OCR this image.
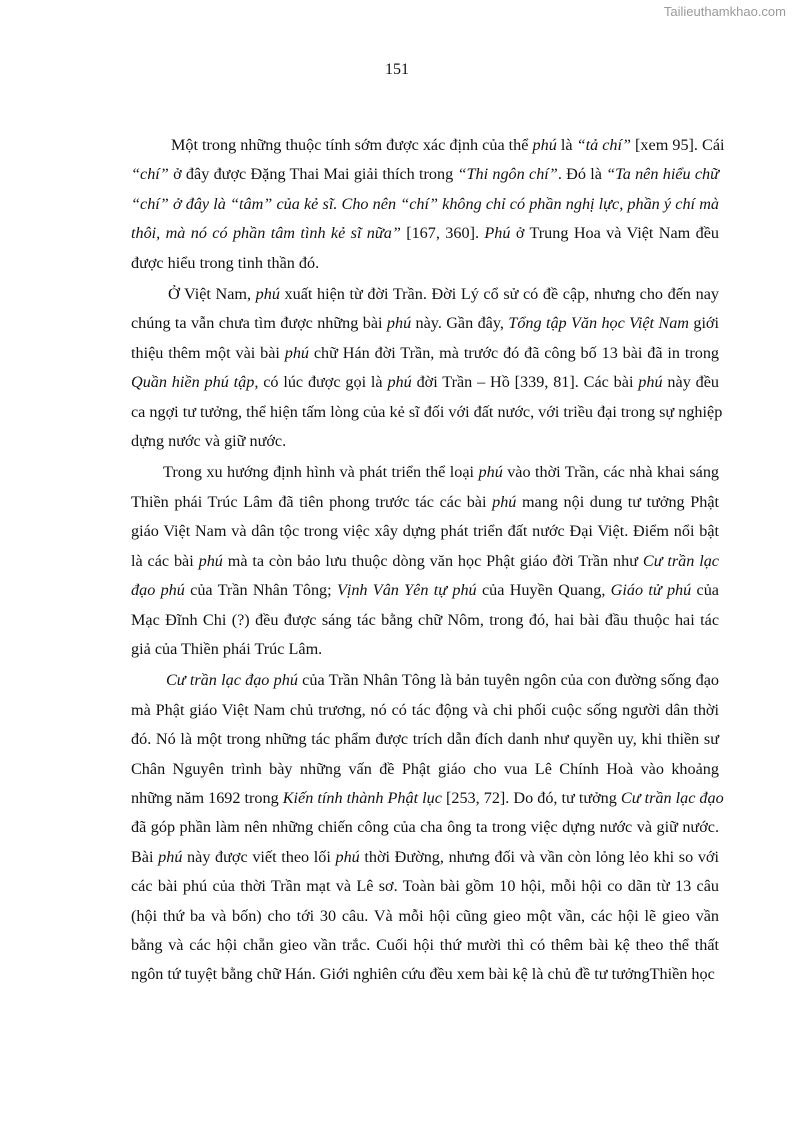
Tailieuthamkhao.com
151

Một trong những thuộc tính sớm được xác định của thể phú là “tả chí” [xem 95]. Cái
“chí” ở đây được Đặng Thai Mai giải thích trong “Thi ngôn chí”. Đó là “Ta nên hiểu chữ
“chí” ở đây là “tâm” của kẻ sĩ. Cho nên “chí” không chỉ có phần nghị lực, phần ý chí mà
thôi, mà nó có phần tâm tình kẻ sĩ nữa” [167, 360]. Phú ở Trung Hoa và Việt Nam đều
được hiểu trong tinh thần đó.

Ở Việt Nam, phú xuất hiện từ đời Trần. Đời Lý cổ sử có đề cập, nhưng cho đến nay
chúng ta vẫn chưa tìm được những bài phú này. Gần đây, Tổng tập Văn học Việt Nam giới
thiệu thêm một vài bài phú chữ Hán đời Trần, mà trước đó đã công bố 13 bài đã in trong
Quần hiền phú tập, có lúc được gọi là phú đời Trần – Hồ [339, 81]. Các bài phú này đều
ca ngợi tư tưởng, thể hiện tấm lòng của kẻ sĩ đối với đất nước, với triều đại trong sự nghiệp
dựng nước và giữ nước.

Trong xu hướng định hình và phát triển thể loại phú vào thời Trần, các nhà khai sáng
Thiền phái Trúc Lâm đã tiên phong trước tác các bài phú mang nội dung tư tưởng Phật
giáo Việt Nam và dân tộc trong việc xây dựng phát triển đất nước Đại Việt. Điểm nổi bật
là các bài phú mà ta còn bảo lưu thuộc dòng văn học Phật giáo đời Trần như Cư trần lạc
đạo phú của Trần Nhân Tông; Vịnh Vân Yên tự phú của Huyền Quang, Giáo tử phú của
Mạc Đĩnh Chi (?) đều được sáng tác bằng chữ Nôm, trong đó, hai bài đầu thuộc hai tác
giả của Thiền phái Trúc Lâm.

Cư trần lạc đạo phú của Trần Nhân Tông là bản tuyên ngôn của con đường sống đạo
mà Phật giáo Việt Nam chủ trương, nó có tác động và chi phối cuộc sống người dân thời
đó. Nó là một trong những tác phẩm được trích dẫn đích danh như quyền uy, khi thiền sư
Chân Nguyên trình bày những vấn đề Phật giáo cho vua Lê Chính Hoà vào khoảng
những năm 1692 trong Kiến tính thành Phật lục [253, 72]. Do đó, tư tưởng Cư trần lạc đạo
đã góp phần làm nên những chiến công của cha ông ta trong việc dựng nước và giữ nước.
Bài phú này được viết theo lối phú thời Đường, nhưng đối và vần còn lỏng lẻo khi so với
các bài phú của thời Trần mạt và Lê sơ. Toàn bài gồm 10 hội, mỗi hội co dãn từ 13 câu
(hội thứ ba và bốn) cho tới 30 câu. Và mỗi hội cũng gieo một vần, các hội lẽ gieo vần
bằng và các hội chẵn gieo vần trắc. Cuối hội thứ mười thì có thêm bài kệ theo thể thất
ngôn tứ tuyệt bằng chữ Hán. Giới nghiên cứu đều xem bài kệ là chủ đề tư tưởngThiền học
